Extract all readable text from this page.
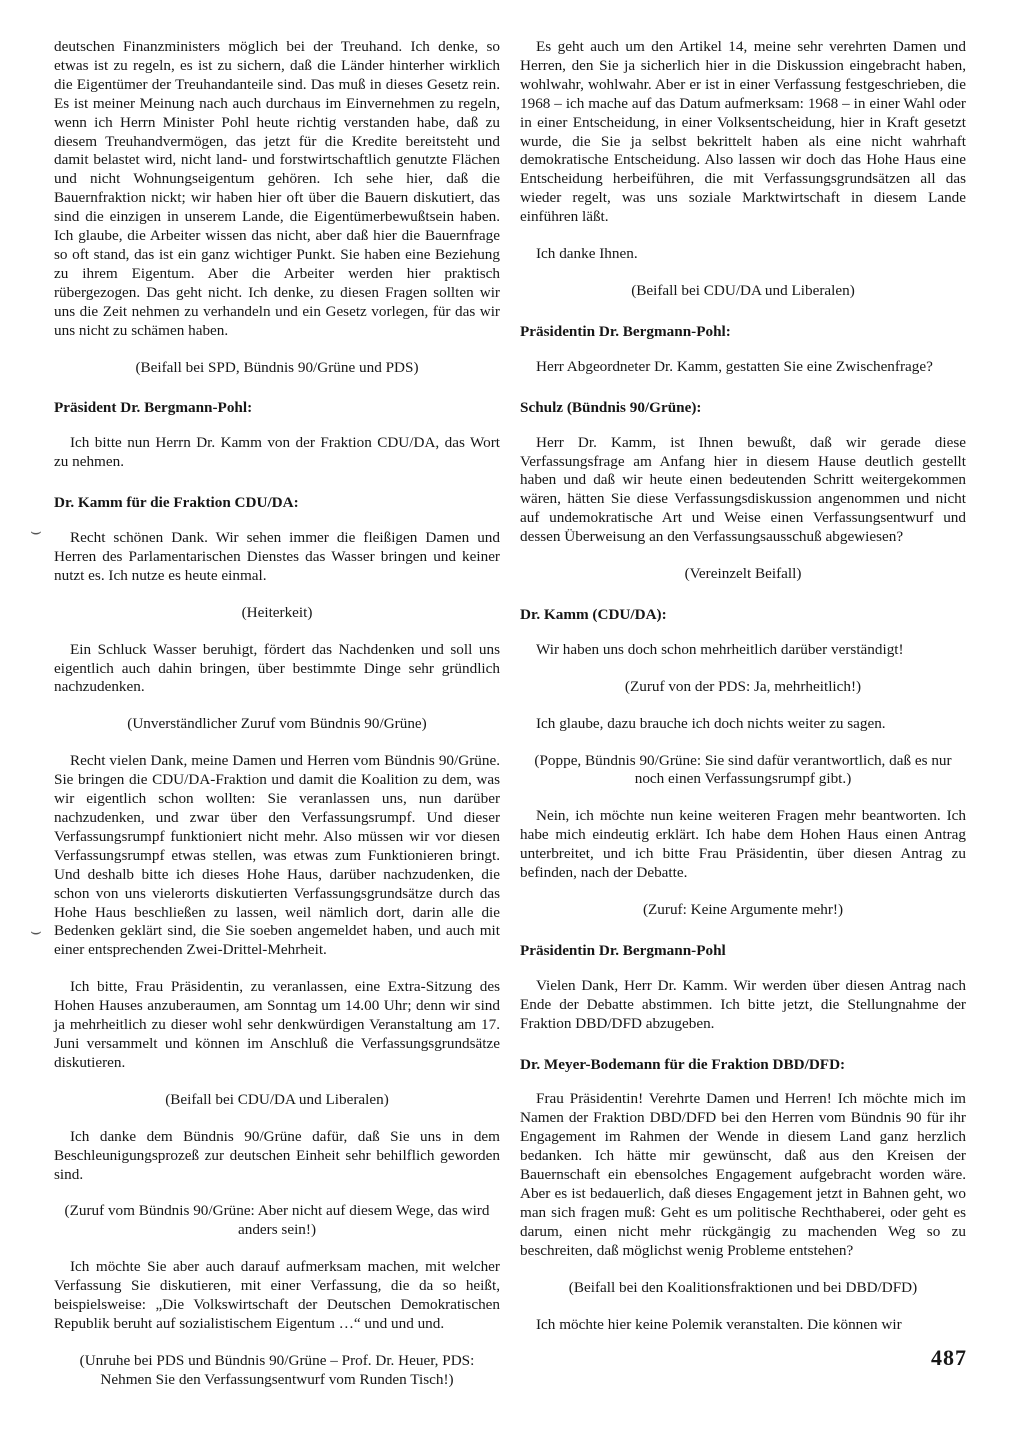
deutschen Finanzministers möglich bei der Treuhand. Ich denke, so etwas ist zu regeln, es ist zu sichern, daß die Länder hinterher wirklich die Eigentümer der Treuhandanteile sind. Das muß in dieses Gesetz rein. Es ist meiner Meinung nach auch durchaus im Einvernehmen zu regeln, wenn ich Herrn Minister Pohl heute richtig verstanden habe, daß zu diesem Treuhandvermögen, das jetzt für die Kredite bereitsteht und damit belastet wird, nicht land- und forstwirtschaftlich genutzte Flächen und nicht Wohnungseigentum gehören. Ich sehe hier, daß die Bauernfraktion nickt; wir haben hier oft über die Bauern diskutiert, das sind die einzigen in unserem Lande, die Eigentümerbewußtsein haben. Ich glaube, die Arbeiter wissen das nicht, aber daß hier die Bauernfrage so oft stand, das ist ein ganz wichtiger Punkt. Sie haben eine Beziehung zu ihrem Eigentum. Aber die Arbeiter werden hier praktisch rübergezogen. Das geht nicht. Ich denke, zu diesen Fragen sollten wir uns die Zeit nehmen zu verhandeln und ein Gesetz vorlegen, für das wir uns nicht zu schämen haben.
(Beifall bei SPD, Bündnis 90/Grüne und PDS)
Präsident Dr. Bergmann-Pohl:
Ich bitte nun Herrn Dr. Kamm von der Fraktion CDU/DA, das Wort zu nehmen.
Dr. Kamm für die Fraktion CDU/DA:
Recht schönen Dank. Wir sehen immer die fleißigen Damen und Herren des Parlamentarischen Dienstes das Wasser bringen und keiner nutzt es. Ich nutze es heute einmal.
(Heiterkeit)
Ein Schluck Wasser beruhigt, fördert das Nachdenken und soll uns eigentlich auch dahin bringen, über bestimmte Dinge sehr gründlich nachzudenken.
(Unverständlicher Zuruf vom Bündnis 90/Grüne)
Recht vielen Dank, meine Damen und Herren vom Bündnis 90/Grüne. Sie bringen die CDU/DA-Fraktion und damit die Koalition zu dem, was wir eigentlich schon wollten: Sie veranlassen uns, nun darüber nachzudenken, und zwar über den Verfassungsrumpf. Und dieser Verfassungsrumpf funktioniert nicht mehr. Also müssen wir vor diesen Verfassungsrumpf etwas stellen, was etwas zum Funktionieren bringt. Und deshalb bitte ich dieses Hohe Haus, darüber nachzudenken, die schon von uns vielerorts diskutierten Verfassungsgrundsätze durch das Hohe Haus beschließen zu lassen, weil nämlich dort, darin alle die Bedenken geklärt sind, die Sie soeben angemeldet haben, und auch mit einer entsprechenden Zwei-Drittel-Mehrheit.
Ich bitte, Frau Präsidentin, zu veranlassen, eine Extra-Sitzung des Hohen Hauses anzuberaumen, am Sonntag um 14.00 Uhr; denn wir sind ja mehrheitlich zu dieser wohl sehr denkwürdigen Veranstaltung am 17. Juni versammelt und können im Anschluß die Verfassungsgrundsätze diskutieren.
(Beifall bei CDU/DA und Liberalen)
Ich danke dem Bündnis 90/Grüne dafür, daß Sie uns in dem Beschleunigungsprozeß zur deutschen Einheit sehr behilflich geworden sind.
(Zuruf vom Bündnis 90/Grüne: Aber nicht auf diesem Wege, das wird anders sein!)
Ich möchte Sie aber auch darauf aufmerksam machen, mit welcher Verfassung Sie diskutieren, mit einer Verfassung, die da so heißt, beispielsweise: „Die Volkswirtschaft der Deutschen Demokratischen Republik beruht auf sozialistischem Eigentum …“ und und und.
(Unruhe bei PDS und Bündnis 90/Grüne – Prof. Dr. Heuer, PDS: Nehmen Sie den Verfassungsentwurf vom Runden Tisch!)
Es geht auch um den Artikel 14, meine sehr verehrten Damen und Herren, den Sie ja sicherlich hier in die Diskussion eingebracht haben, wohlwahr, wohlwahr. Aber er ist in einer Verfassung festgeschrieben, die 1968 – ich mache auf das Datum aufmerksam: 1968 – in einer Wahl oder in einer Entscheidung, in einer Volksentscheidung, hier in Kraft gesetzt wurde, die Sie ja selbst bekrittelt haben als eine nicht wahrhaft demokratische Entscheidung. Also lassen wir doch das Hohe Haus eine Entscheidung herbeiführen, die mit Verfassungsgrundsätzen all das wieder regelt, was uns soziale Marktwirtschaft in diesem Lande einführen läßt.
Ich danke Ihnen.
(Beifall bei CDU/DA und Liberalen)
Präsidentin Dr. Bergmann-Pohl:
Herr Abgeordneter Dr. Kamm, gestatten Sie eine Zwischenfrage?
Schulz (Bündnis 90/Grüne):
Herr Dr. Kamm, ist Ihnen bewußt, daß wir gerade diese Verfassungsfrage am Anfang hier in diesem Hause deutlich gestellt haben und daß wir heute einen bedeutenden Schritt weitergekommen wären, hätten Sie diese Verfassungsdiskussion angenommen und nicht auf undemokratische Art und Weise einen Verfassungsentwurf und dessen Überweisung an den Verfassungsausschuß abgewiesen?
(Vereinzelt Beifall)
Dr. Kamm (CDU/DA):
Wir haben uns doch schon mehrheitlich darüber verständigt!
(Zuruf von der PDS: Ja, mehrheitlich!)
Ich glaube, dazu brauche ich doch nichts weiter zu sagen.
(Poppe, Bündnis 90/Grüne: Sie sind dafür verantwortlich, daß es nur noch einen Verfassungsrumpf gibt.)
Nein, ich möchte nun keine weiteren Fragen mehr beantworten. Ich habe mich eindeutig erklärt. Ich habe dem Hohen Haus einen Antrag unterbreitet, und ich bitte Frau Präsidentin, über diesen Antrag zu befinden, nach der Debatte.
(Zuruf: Keine Argumente mehr!)
Präsidentin Dr. Bergmann-Pohl
Vielen Dank, Herr Dr. Kamm. Wir werden über diesen Antrag nach Ende der Debatte abstimmen. Ich bitte jetzt, die Stellungnahme der Fraktion DBD/DFD abzugeben.
Dr. Meyer-Bodemann für die Fraktion DBD/DFD:
Frau Präsidentin! Verehrte Damen und Herren! Ich möchte mich im Namen der Fraktion DBD/DFD bei den Herren vom Bündnis 90 für ihr Engagement im Rahmen der Wende in diesem Land ganz herzlich bedanken. Ich hätte mir gewünscht, daß aus den Kreisen der Bauernschaft ein ebensolches Engagement aufgebracht worden wäre. Aber es ist bedauerlich, daß dieses Engagement jetzt in Bahnen geht, wo man sich fragen muß: Geht es um politische Rechthaberei, oder geht es darum, einen nicht mehr rückgängig zu machenden Weg so zu beschreiten, daß möglichst wenig Probleme entstehen?
(Beifall bei den Koalitionsfraktionen und bei DBD/DFD)
Ich möchte hier keine Polemik veranstalten. Die können wir
487
⌣
⌣
